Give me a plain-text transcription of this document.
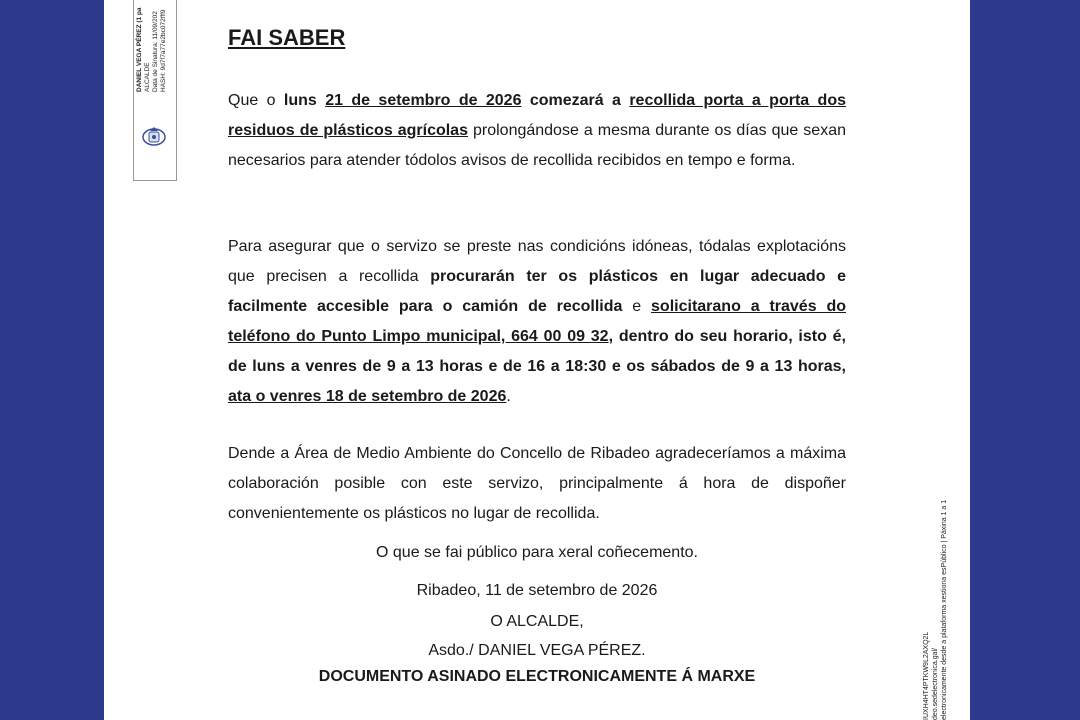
DANIEL VEGA PÉREZ (1 pa ALCALDE Data de Sinatura: 11/09/202 HASH: 9d7f7a77e2bc072fff9
IUXH4HT4PTKW9L2AXQ2L deo.sedelectronica.gal/ electronicamente desde a plataforma xestiona esPúblico | Páxina 1 a 1
FAI SABER

Que o luns 21 de setembro de 2026 comezará a recollida porta a porta dos residuos de plásticos agrícolas prolongándose a mesma durante os días que sexan necesarios para atender tódolos avisos de recollida recibidos en tempo e forma.

Para asegurar que o servizo se preste nas condicións idóneas, tódalas explotacións que precisen a recollida procurarán ter os plásticos en lugar adecuado e facilmente accesible para o camión de recollida e solicitarano a través do teléfono do Punto Limpo municipal, 664 00 09 32, dentro do seu horario, isto é, de luns a venres de 9 a 13 horas e de 16 a 18:30 e os sábados de 9 a 13 horas, ata o venres 18 de setembro de 2026.

Dende a Área de Medio Ambiente do Concello de Ribadeo agradeceríamos a máxima colaboración posible con este servizo, principalmente á hora de dispoñer convenientemente os plásticos no lugar de recollida.

O que se fai público para xeral coñecemento.

Ribadeo, 11 de setembro de 2026

O ALCALDE,

Asdo./ DANIEL VEGA PÉREZ.

DOCUMENTO ASINADO ELECTRONICAMENTE Á MARXE
